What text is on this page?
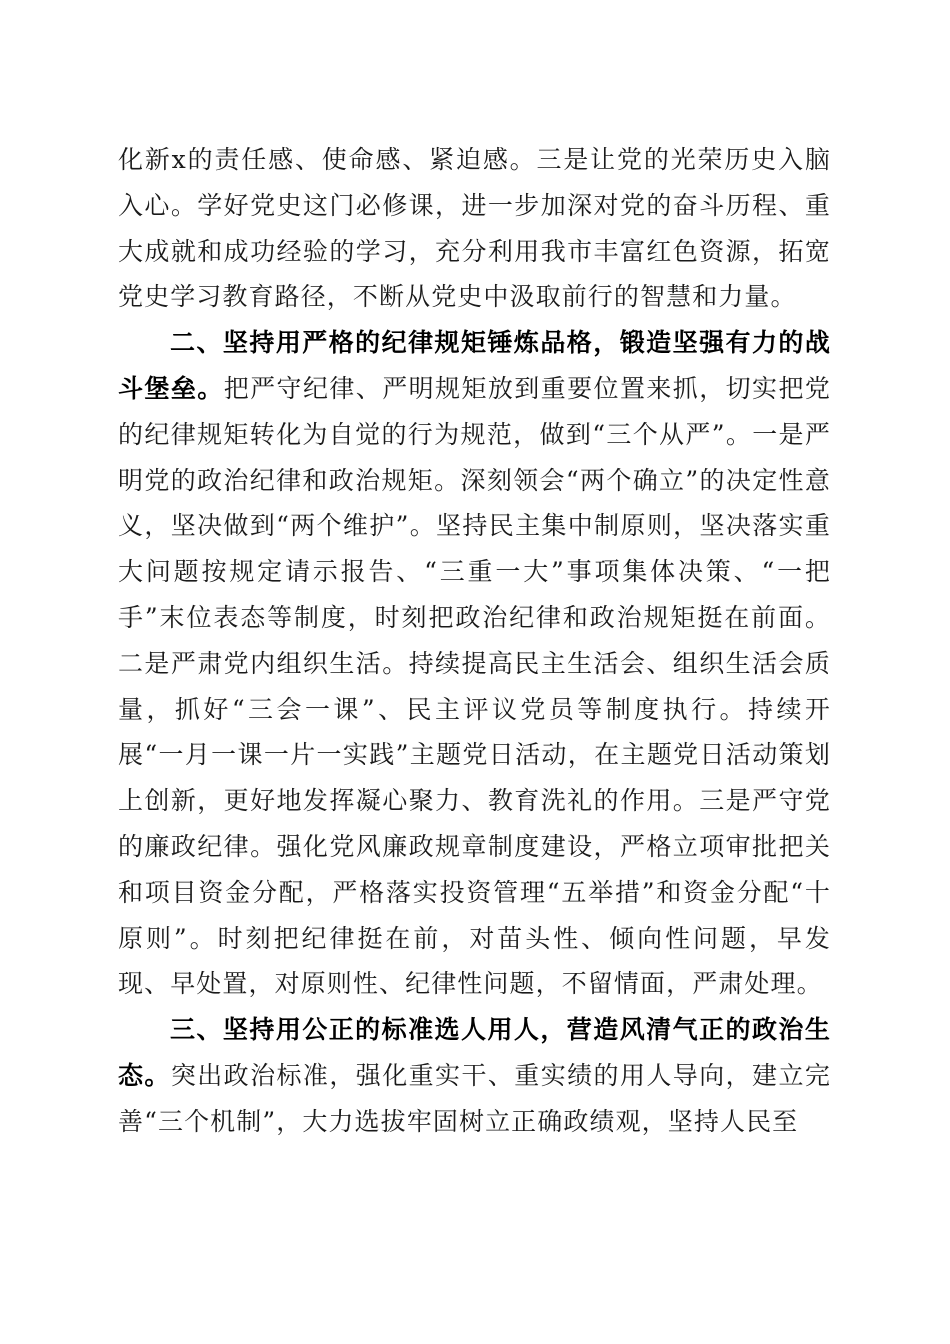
化新x的责任感、使命感、紧迫感。三是让党的光荣历史入脑入心。学好党史这门必修课，进一步加深对党的奋斗历程、重大成就和成功经验的学习，充分利用我市丰富红色资源，拓宽党史学习教育路径，不断从党史中汲取前行的智慧和力量。

二、坚持用严格的纪律规矩锤炼品格，锻造坚强有力的战斗堡垒。把严守纪律、严明规矩放到重要位置来抓，切实把党的纪律规矩转化为自觉的行为规范，做到“三个从严”。一是严明党的政治纪律和政治规矩。深刻领会“两个确立”的决定性意义，坚决做到“两个维护”。坚持民主集中制原则，坚决落实重大问题按规定请示报告、“三重一大”事项集体决策、“一把手”末位表态等制度，时刻把政治纪律和政治规矩挺在前面。二是严肃党内组织生活。持续提高民主生活会、组织生活会质量，抓好“三会一课”、民主评议党员等制度执行。持续开展“一月一课一片一实践”主题党日活动，在主题党日活动策划上创新，更好地发挥凝心聚力、教育洗礼的作用。三是严守党的廉政纪律。强化党风廉政规章制度建设，严格立项审批把关和项目资金分配，严格落实投资管理“五举措”和资金分配“十原则”。时刻把纪律挺在前，对苗头性、倾向性问题，早发现、早处置，对原则性、纪律性问题，不留情面，严肃处理。

三、坚持用公正的标准选人用人，营造风清气正的政治生态。突出政治标准，强化重实干、重实绩的用人导向，建立完善“三个机制”，大力选拔牢固树立正确政绩观，坚持人民至
